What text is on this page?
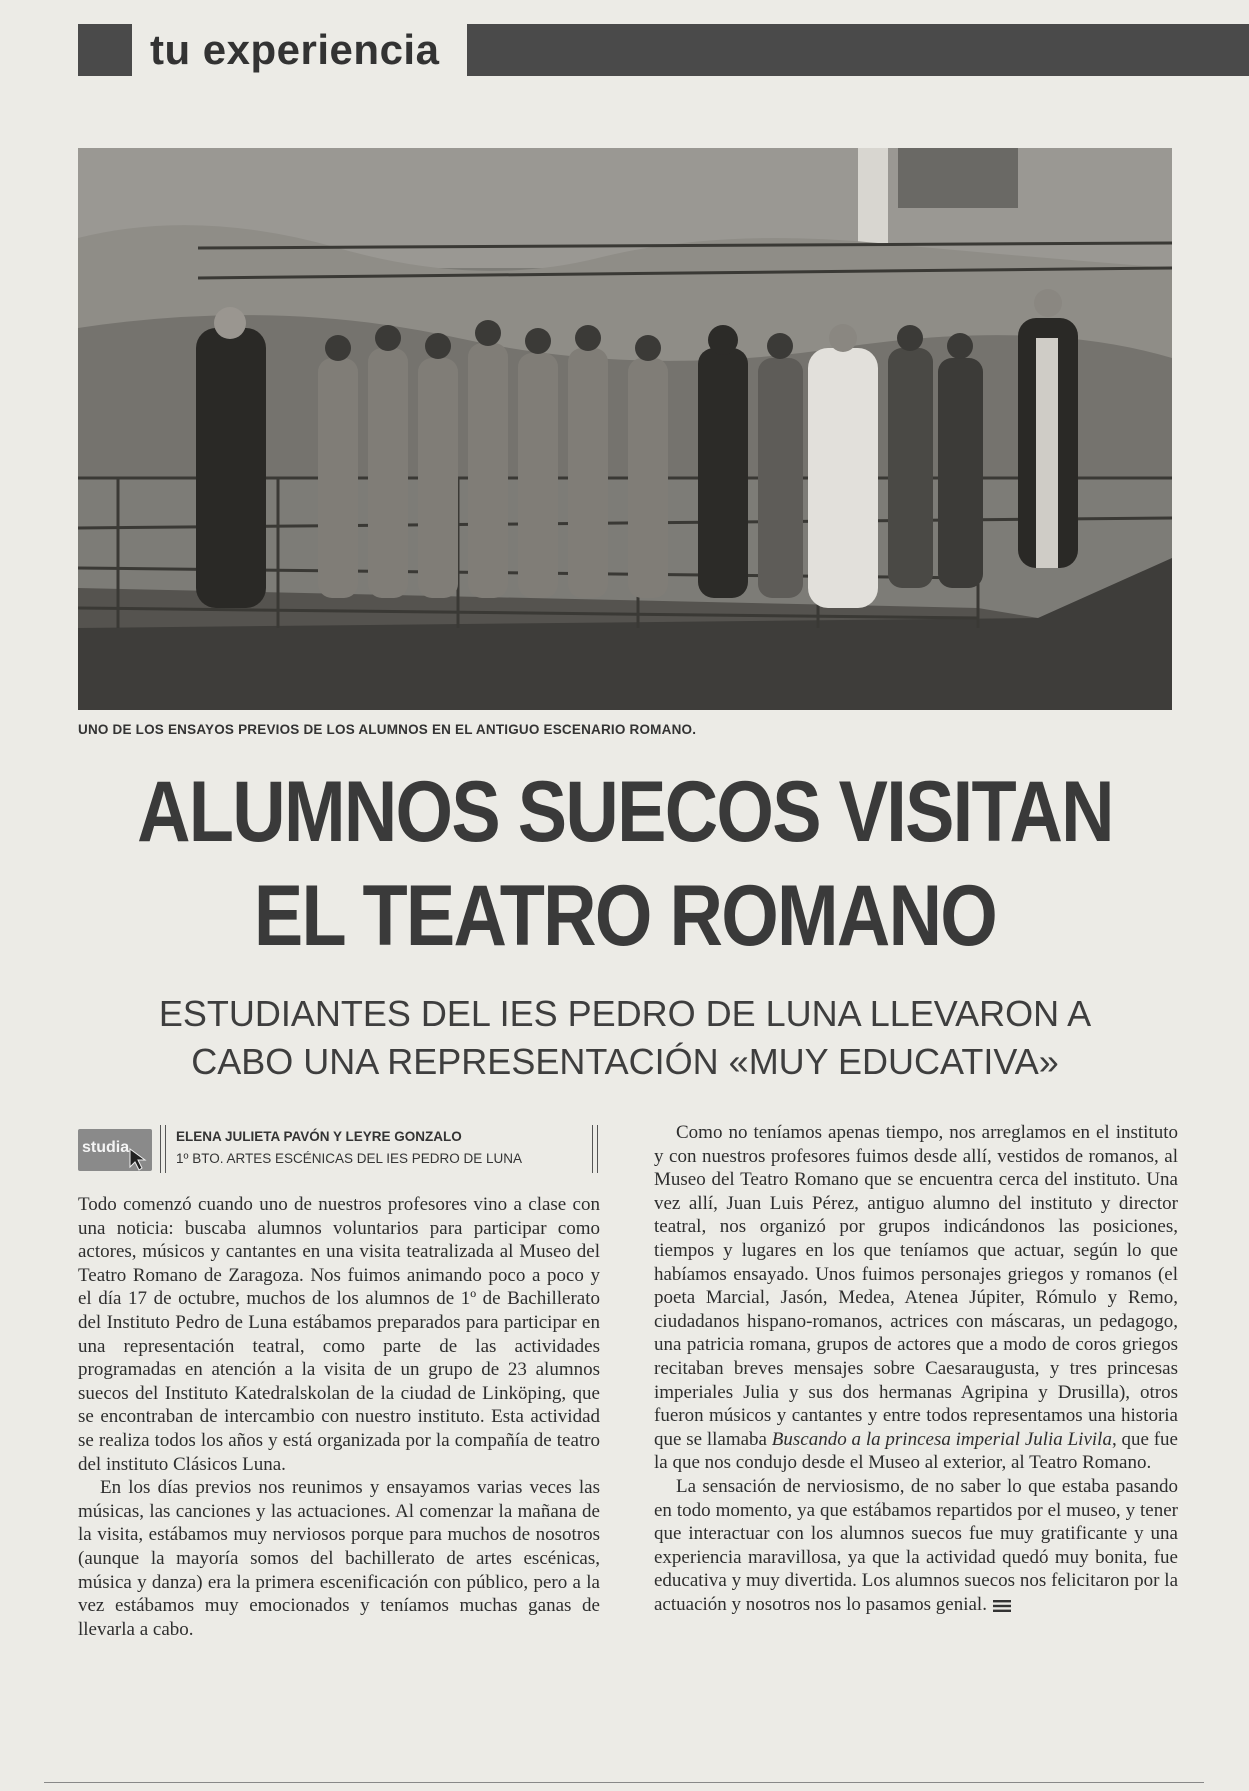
tu experiencia
UNO DE LOS ENSAYOS PREVIOS DE LOS ALUMNOS EN EL ANTIGUO ESCENARIO ROMANO.
ALUMNOS SUECOS VISITAN
EL TEATRO ROMANO
ESTUDIANTES DEL IES PEDRO DE LUNA LLEVARON A
CABO UNA REPRESENTACIÓN «MUY EDUCATIVA»
studia
ELENA JULIETA PAVÓN Y LEYRE GONZALO
1º BTO. ARTES ESCÉNICAS DEL IES PEDRO DE LUNA

Todo comenzó cuando uno de nuestros profesores vino a clase con una noticia: buscaba alumnos voluntarios para participar como actores, músicos y cantantes en una visita teatralizada al Museo del Teatro Romano de Zaragoza. Nos fuimos animando poco a poco y el día 17 de octubre, muchos de los alumnos de 1º de Bachillerato del Instituto Pedro de Luna estábamos preparados para participar en una representación teatral, como parte de las actividades programadas en atención a la visita de un grupo de 23 alumnos suecos del Instituto Katedralskolan de la ciudad de Linköping, que se encontraban de intercambio con nuestro instituto. Esta actividad se realiza todos los años y está organizada por la compañía de teatro del instituto Clásicos Luna.

En los días previos nos reunimos y ensayamos varias veces las músicas, las canciones y las actuaciones. Al comenzar la mañana de la visita, estábamos muy nerviosos porque para muchos de nosotros (aunque la mayoría somos del bachillerato de artes escénicas, música y danza) era la primera escenificación con público, pero a la vez estábamos muy emocionados y teníamos muchas ganas de llevarla a cabo.

Como no teníamos apenas tiempo, nos arreglamos en el instituto y con nuestros profesores fuimos desde allí, vestidos de romanos, al Museo del Teatro Romano que se encuentra cerca del instituto. Una vez allí, Juan Luis Pérez, antiguo alumno del instituto y director teatral, nos organizó por grupos indicándonos las posiciones, tiempos y lugares en los que teníamos que actuar, según lo que habíamos ensayado. Unos fuimos personajes griegos y romanos (el poeta Marcial, Jasón, Medea, Atenea Júpiter, Rómulo y Remo, ciudadanos hispano-romanos, actrices con máscaras, un pedagogo, una patricia romana, grupos de actores que a modo de coros griegos recitaban breves mensajes sobre Caesaraugusta, y tres princesas imperiales Julia y sus dos hermanas Agripina y Drusilla), otros fueron músicos y cantantes y entre todos representamos una historia que se llamaba Buscando a la princesa imperial Julia Livila, que fue la que nos condujo desde el Museo al exterior, al Teatro Romano.

La sensación de nerviosismo, de no saber lo que estaba pasando en todo momento, ya que estábamos repartidos por el museo, y tener que interactuar con los alumnos suecos fue muy gratificante y una experiencia maravillosa, ya que la actividad quedó muy bonita, fue educativa y muy divertida. Los alumnos suecos nos felicitaron por la actuación y nosotros nos lo pasamos genial.
